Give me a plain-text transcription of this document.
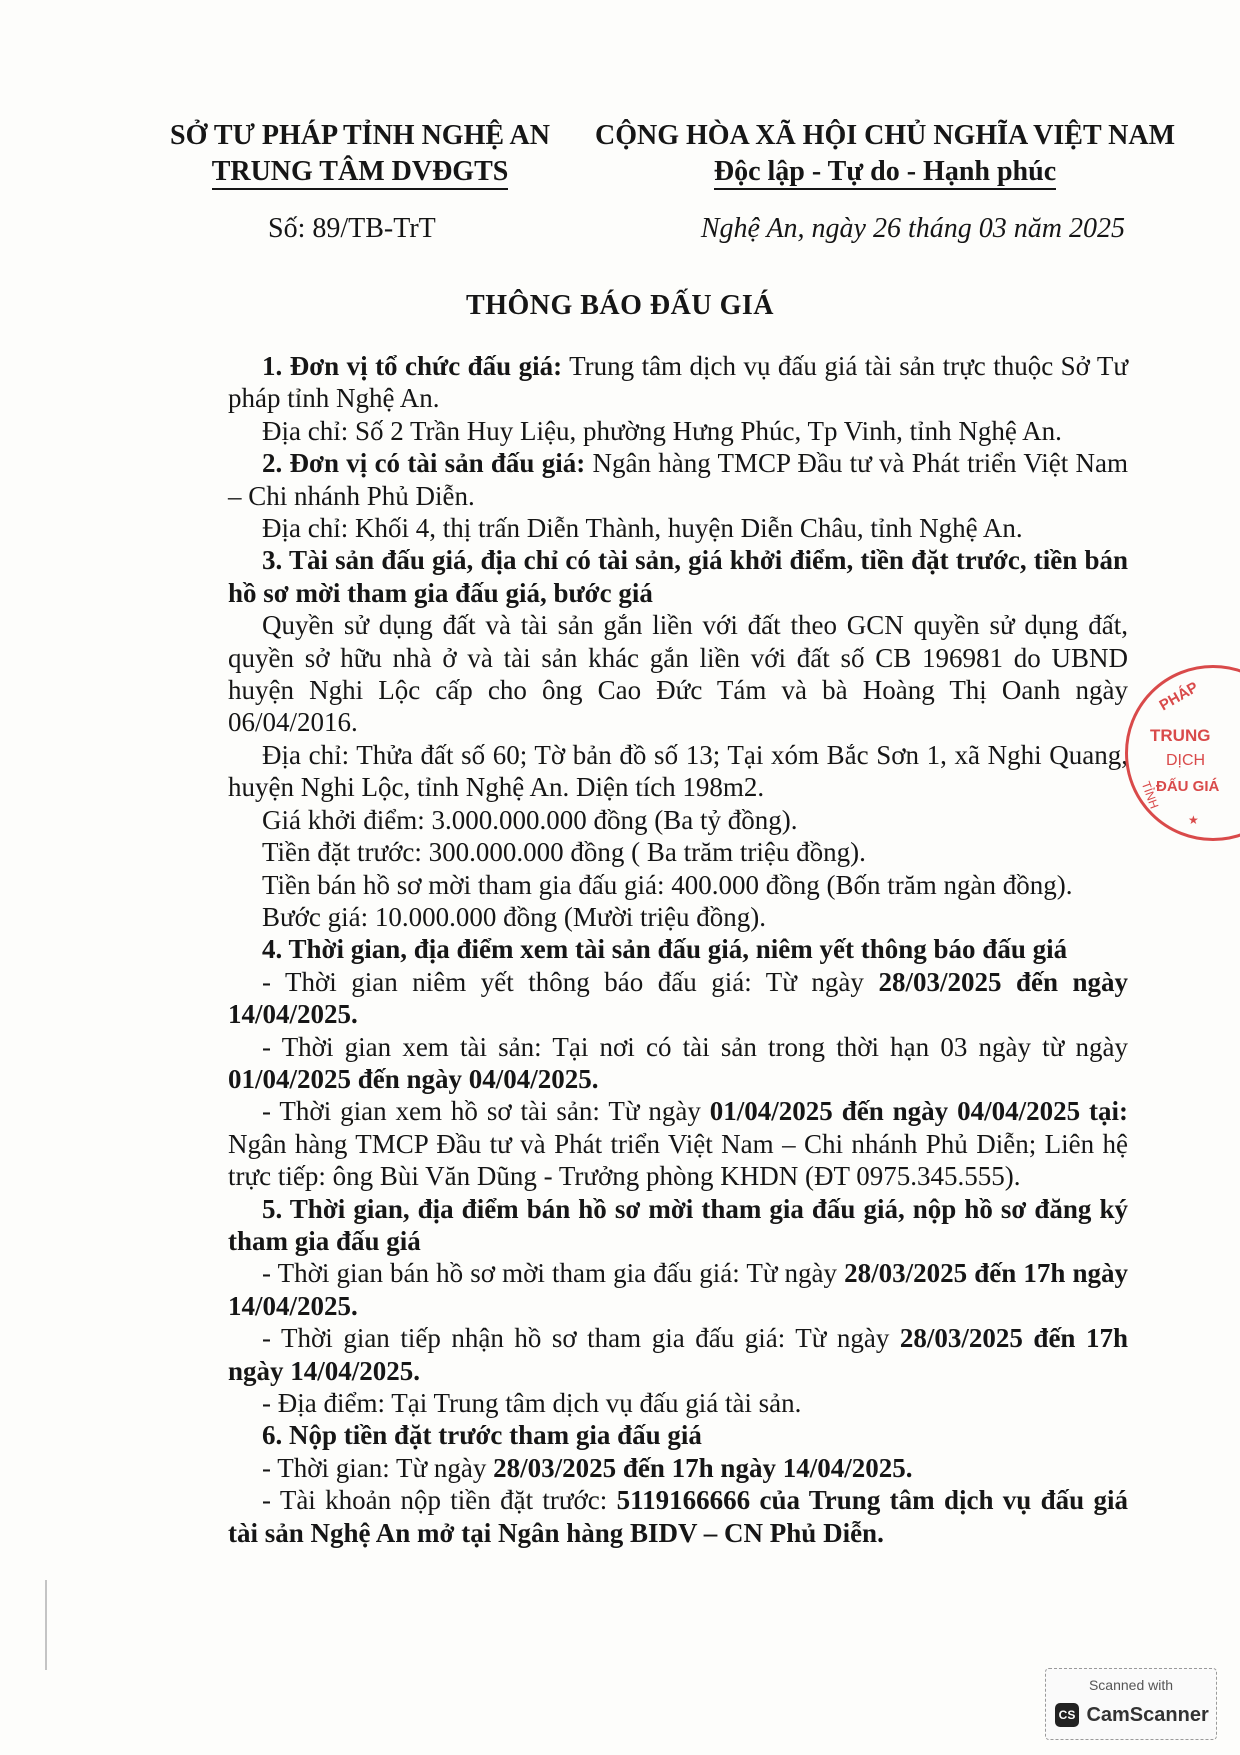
SỞ TƯ PHÁP TỈNH NGHỆ AN
TRUNG TÂM DVĐGTS
CỘNG HÒA XÃ HỘI CHỦ NGHĨA VIỆT NAM
Độc lập - Tự do - Hạnh phúc
Số: 89/TB-TrT	Nghệ An, ngày 26 tháng 03 năm 2025
THÔNG BÁO ĐẤU GIÁ

1. Đơn vị tổ chức đấu giá: Trung tâm dịch vụ đấu giá tài sản trực thuộc Sở Tư pháp tỉnh Nghệ An.

Địa chỉ: Số 2 Trần Huy Liệu, phường Hưng Phúc, Tp Vinh, tỉnh Nghệ An.

2. Đơn vị có tài sản đấu giá: Ngân hàng TMCP Đầu tư và Phát triển Việt Nam – Chi nhánh Phủ Diễn.

Địa chỉ: Khối 4, thị trấn Diễn Thành, huyện Diễn Châu, tỉnh Nghệ An.

3. Tài sản đấu giá, địa chỉ có tài sản, giá khởi điểm, tiền đặt trước, tiền bán hồ sơ mời tham gia đấu giá, bước giá

Quyền sử dụng đất và tài sản gắn liền với đất theo GCN quyền sử dụng đất, quyền sở hữu nhà ở và tài sản khác gắn liền với đất số CB 196981 do UBND huyện Nghi Lộc cấp cho ông Cao Đức Tám và bà Hoàng Thị Oanh ngày 06/04/2016.

Địa chỉ: Thửa đất số 60; Tờ bản đồ số 13; Tại xóm Bắc Sơn 1, xã Nghi Quang, huyện Nghi Lộc, tỉnh Nghệ An. Diện tích 198m2.

Giá khởi điểm: 3.000.000.000 đồng (Ba tỷ đồng).

Tiền đặt trước: 300.000.000 đồng ( Ba trăm triệu đồng).

Tiền bán hồ sơ mời tham gia đấu giá: 400.000 đồng (Bốn trăm ngàn đồng).

Bước giá: 10.000.000 đồng (Mười triệu đồng).

4. Thời gian, địa điểm xem tài sản đấu giá, niêm yết thông báo đấu giá

- Thời gian niêm yết thông báo đấu giá: Từ ngày 28/03/2025 đến ngày 14/04/2025.

- Thời gian xem tài sản: Tại nơi có tài sản trong thời hạn 03 ngày từ ngày 01/04/2025 đến ngày 04/04/2025.

- Thời gian xem hồ sơ tài sản: Từ ngày 01/04/2025 đến ngày 04/04/2025 tại: Ngân hàng TMCP Đầu tư và Phát triển Việt Nam – Chi nhánh Phủ Diễn; Liên hệ trực tiếp: ông Bùi Văn Dũng - Trưởng phòng KHDN (ĐT 0975.345.555).

5. Thời gian, địa điểm bán hồ sơ mời tham gia đấu giá, nộp hồ sơ đăng ký tham gia đấu giá

- Thời gian bán hồ sơ mời tham gia đấu giá: Từ ngày 28/03/2025 đến 17h ngày 14/04/2025.

- Thời gian tiếp nhận hồ sơ tham gia đấu giá: Từ ngày 28/03/2025 đến 17h ngày 14/04/2025.

- Địa điểm: Tại Trung tâm dịch vụ đấu giá tài sản.

6. Nộp tiền đặt trước tham gia đấu giá

- Thời gian: Từ ngày 28/03/2025 đến 17h ngày 14/04/2025.

- Tài khoản nộp tiền đặt trước: 5119166666 của Trung tâm dịch vụ đấu giá tài sản Nghệ An mở tại Ngân hàng BIDV – CN Phủ Diễn.

PHÁP
TRUNG
DỊCH
ĐẤU GIÁ
TỈNH
★
Scanned with
CS CamScanner
